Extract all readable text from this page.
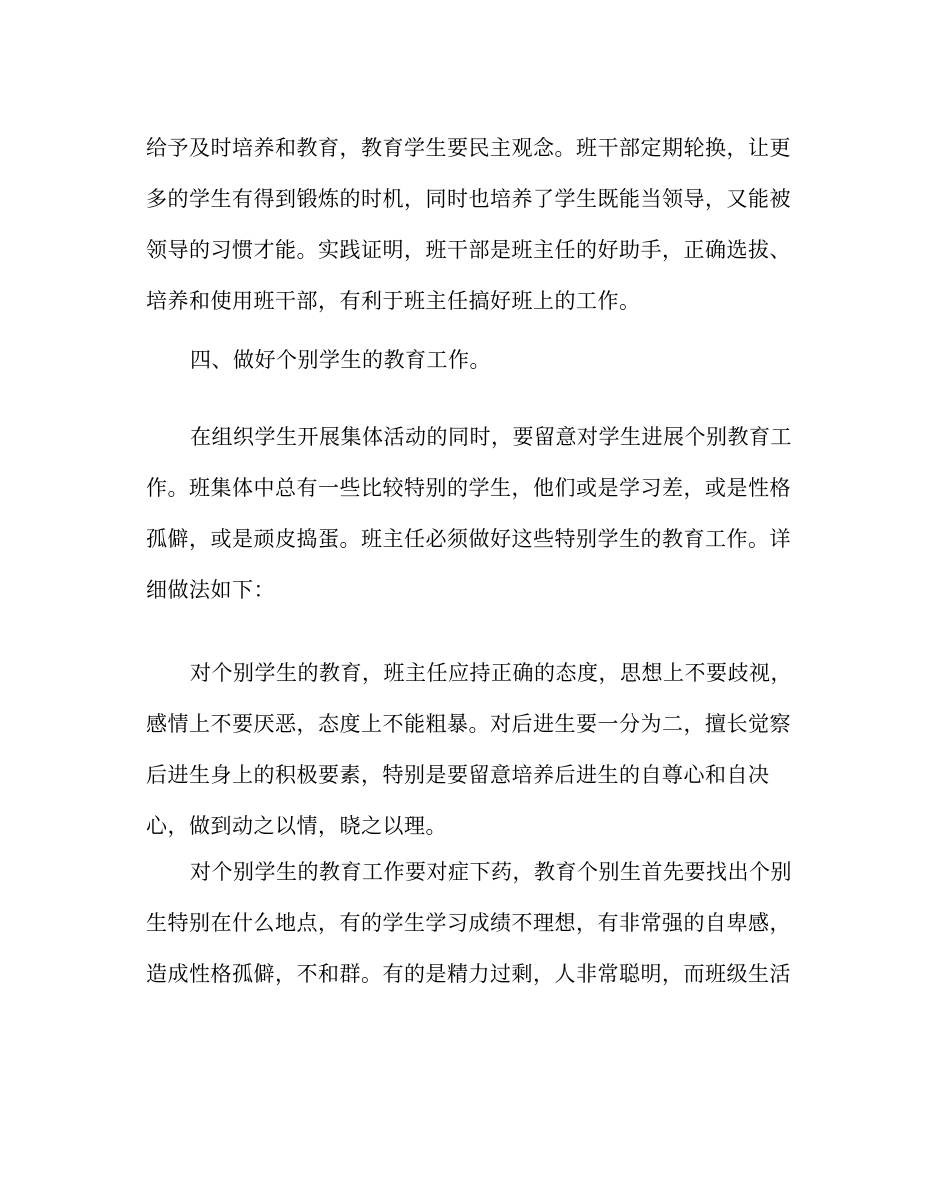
给予及时培养和教育，教育学生要民主观念。班干部定期轮换，让更
多的学生有得到锻炼的时机，同时也培养了学生既能当领导，又能被
领导的习惯才能。实践证明，班干部是班主任的好助手，正确选拔、
培养和使用班干部，有利于班主任搞好班上的工作。
四、做好个别学生的教育工作。
在组织学生开展集体活动的同时，要留意对学生进展个别教育工
作。班集体中总有一些比较特别的学生，他们或是学习差，或是性格
孤僻，或是顽皮捣蛋。班主任必须做好这些特别学生的教育工作。详
细做法如下：
对个别学生的教育，班主任应持正确的态度，思想上不要歧视，
感情上不要厌恶，态度上不能粗暴。对后进生要一分为二，擅长觉察
后进生身上的积极要素，特别是要留意培养后进生的自尊心和自决
心，做到动之以情，晓之以理。
对个别学生的教育工作要对症下药，教育个别生首先要找出个别
生特别在什么地点，有的学生学习成绩不理想，有非常强的自卑感，
造成性格孤僻，不和群。有的是精力过剩，人非常聪明，而班级生活
